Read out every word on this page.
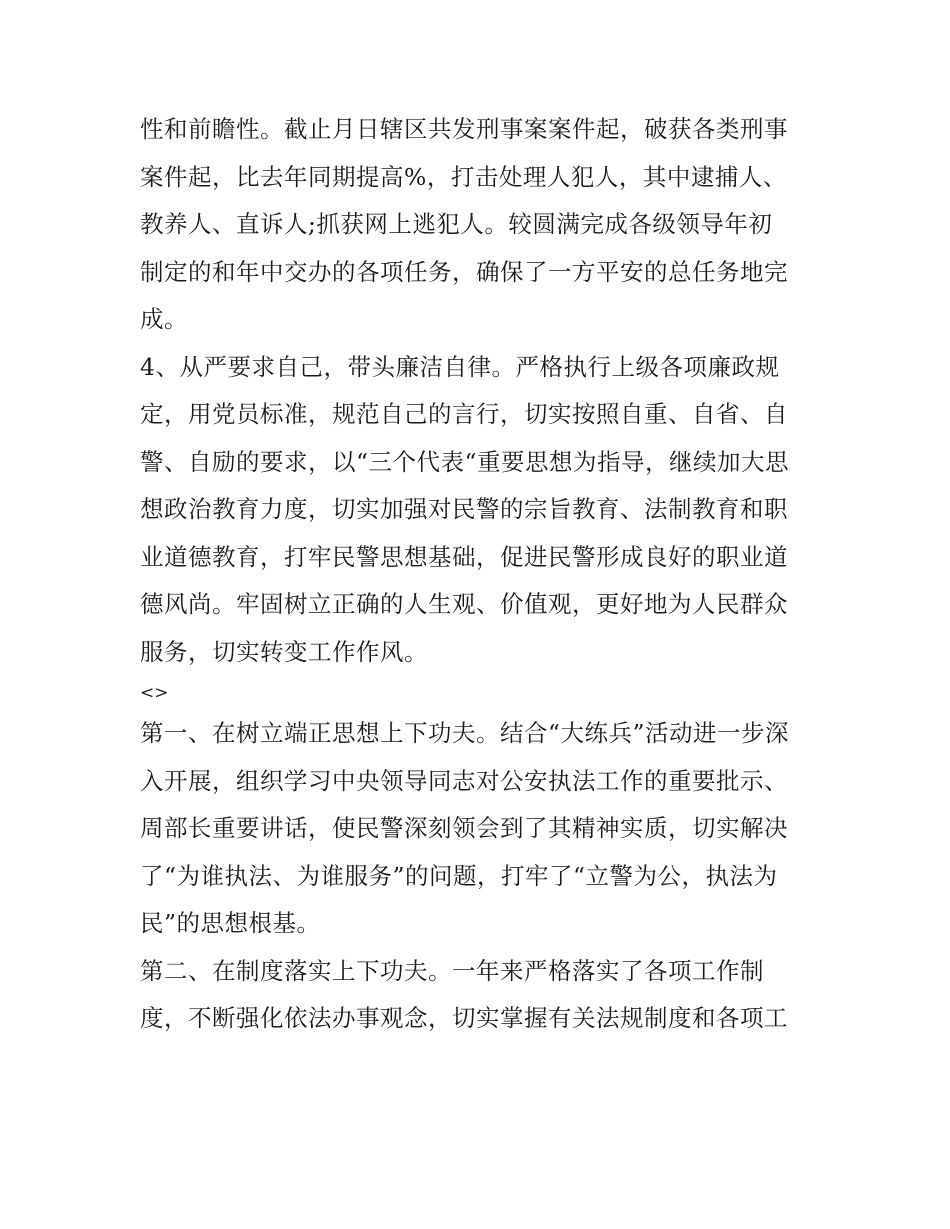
性和前瞻性。截止月日辖区共发刑事案案件起，破获各类刑事
案件起，比去年同期提高%，打击处理人犯人，其中逮捕人、
教养人、直诉人;抓获网上逃犯人。较圆满完成各级领导年初
制定的和年中交办的各项任务，确保了一方平安的总任务地完
成。
4、从严要求自己，带头廉洁自律。严格执行上级各项廉政规
定，用党员标准，规范自己的言行，切实按照自重、自省、自
警、自励的要求，以“三个代表“重要思想为指导，继续加大思
想政治教育力度，切实加强对民警的宗旨教育、法制教育和职
业道德教育，打牢民警思想基础，促进民警形成良好的职业道
德风尚。牢固树立正确的人生观、价值观，更好地为人民群众
服务，切实转变工作作风。
<>
第一、在树立端正思想上下功夫。结合“大练兵”活动进一步深
入开展，组织学习中央领导同志对公安执法工作的重要批示、
周部长重要讲话，使民警深刻领会到了其精神实质，切实解决
了“为谁执法、为谁服务”的问题，打牢了“立警为公，执法为
民”的思想根基。
第二、在制度落实上下功夫。一年来严格落实了各项工作制
度，不断强化依法办事观念，切实掌握有关法规制度和各项工
